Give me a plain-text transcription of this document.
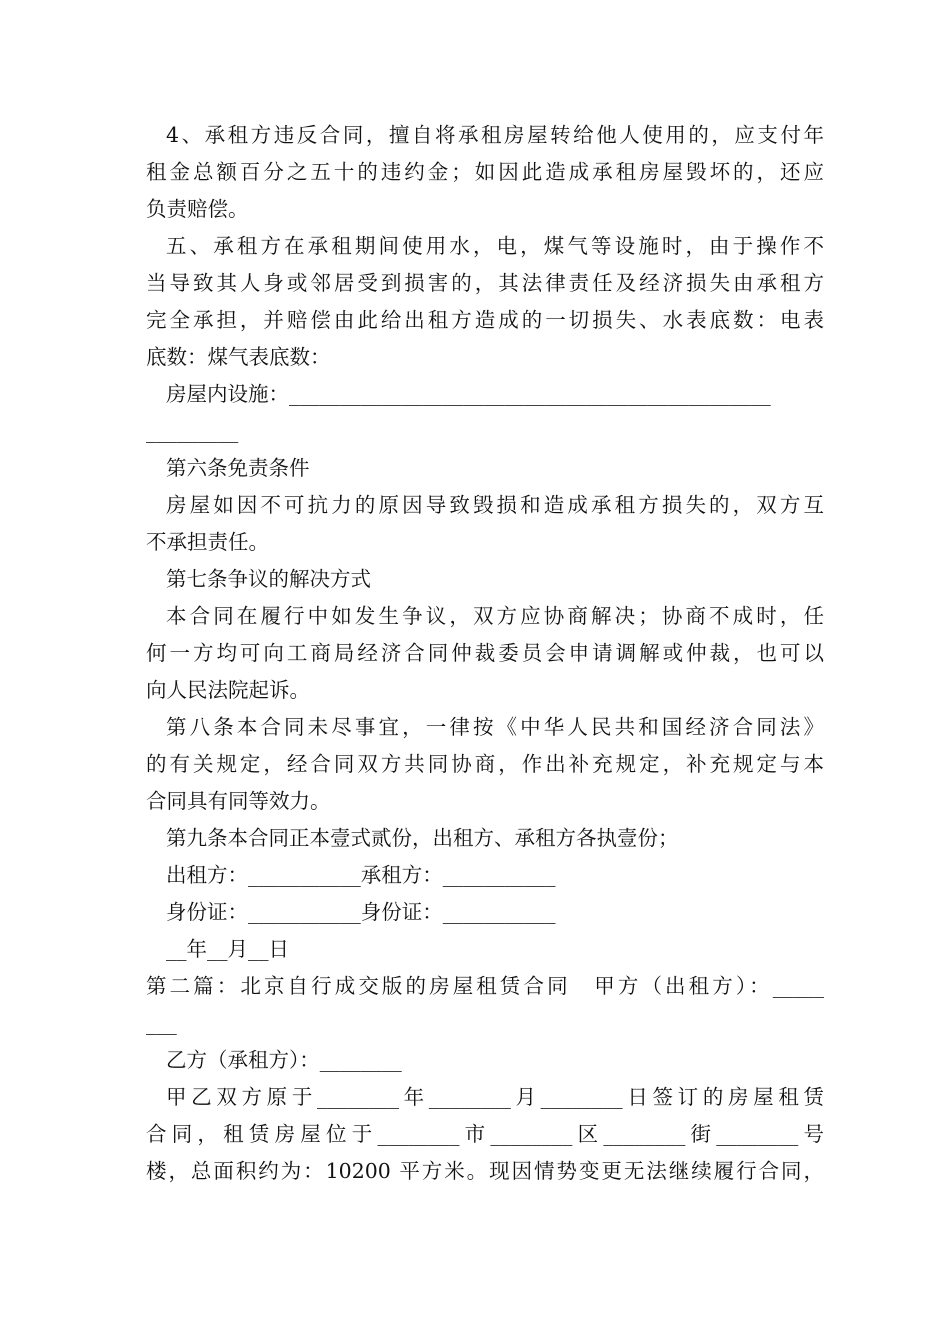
4、承租方违反合同，擅自将承租房屋转给他人使用的，应支付年
租金总额百分之五十的违约金；如因此造成承租房屋毁坏的，还应
负责赔偿。
五、承租方在承租期间使用水，电，煤气等设施时，由于操作不
当导致其人身或邻居受到损害的，其法律责任及经济损失由承租方
完全承担，并赔偿由此给出租方造成的一切损失、水表底数：电表
底数：煤气表底数：
房屋内设施：_______________________________________________
_________
第六条免责条件
房屋如因不可抗力的原因导致毁损和造成承租方损失的，双方互
不承担责任。
第七条争议的解决方式
本合同在履行中如发生争议，双方应协商解决；协商不成时，任
何一方均可向工商局经济合同仲裁委员会申请调解或仲裁，也可以
向人民法院起诉。
第八条本合同未尽事宜，一律按《中华人民共和国经济合同法》
的有关规定，经合同双方共同协商，作出补充规定，补充规定与本
合同具有同等效力。
第九条本合同正本壹式贰份，出租方、承租方各执壹份；
出租方：___________承租方：___________
身份证：___________身份证：___________
__年__月__日
第二篇：北京自行成交版的房屋租赁合同　甲方（出租方）：_____
___
乙方（承租方）：________
甲乙双方原于________年________月________日签订的房屋租赁
合同，租赁房屋位于________市________区________街________号
楼，总面积约为：10200 平方米。现因情势变更无法继续履行合同，
